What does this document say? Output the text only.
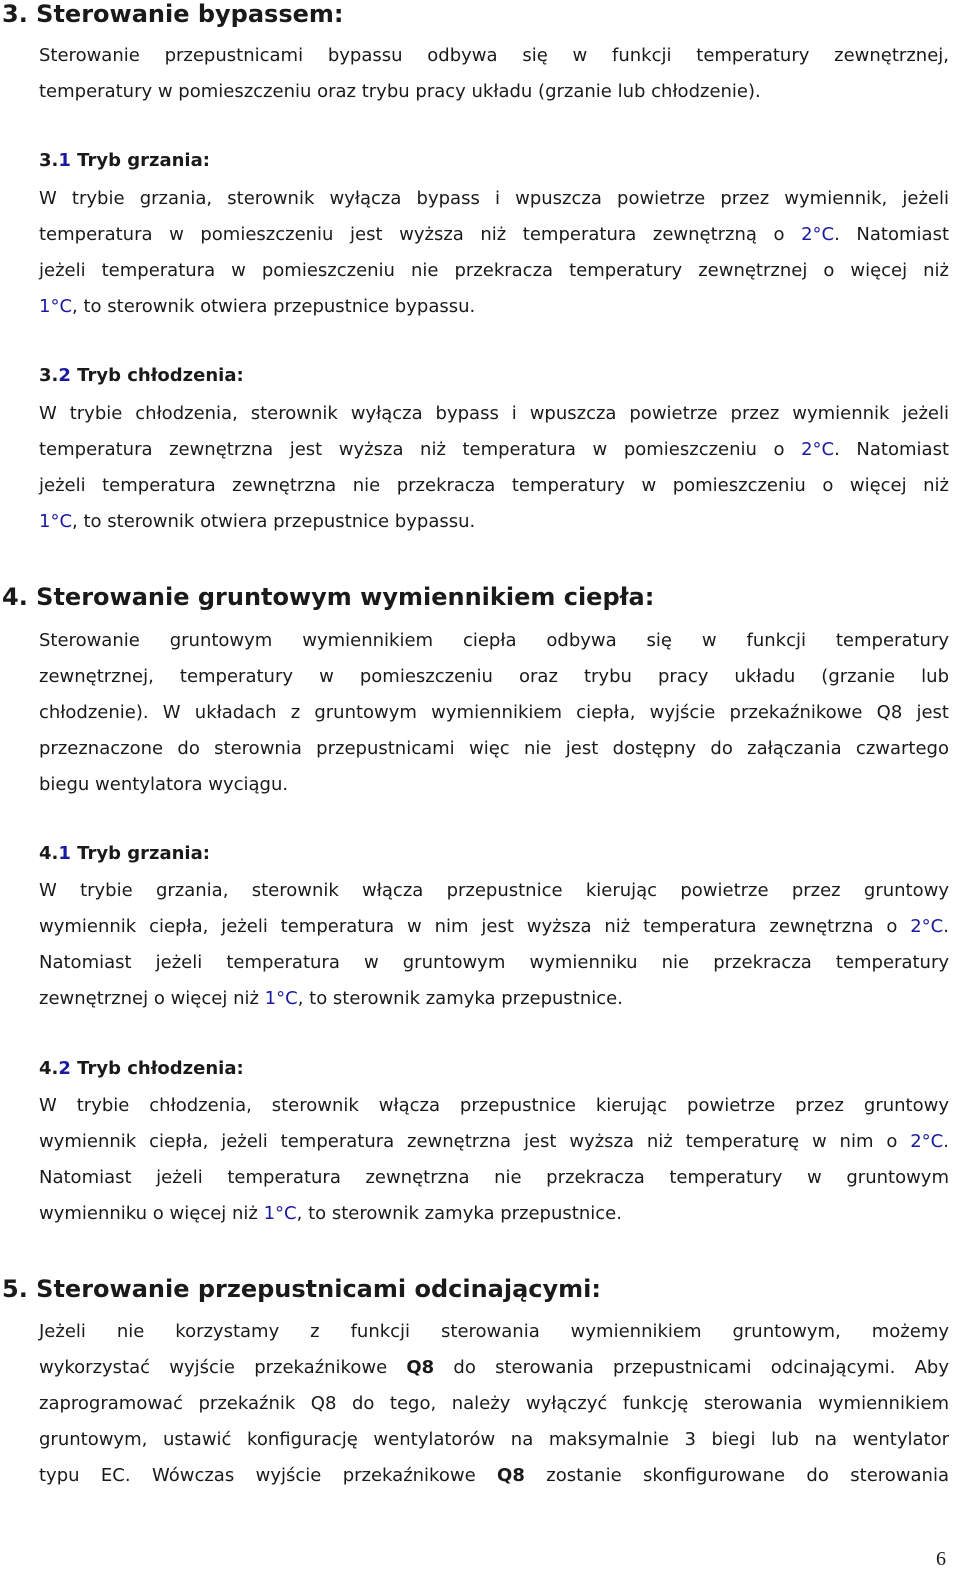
3. Sterowanie bypassem:
Sterowanie przepustnicami bypassu odbywa się w funkcji temperatury zewnętrznej,
temperatury w pomieszczeniu oraz trybu pracy układu (grzanie lub chłodzenie).
3.1 Tryb grzania:
W trybie grzania, sterownik wyłącza bypass i wpuszcza powietrze przez wymiennik, jeżeli
temperatura w pomieszczeniu jest wyższa niż temperatura zewnętrzną o 2°C. Natomiast
jeżeli temperatura w pomieszczeniu nie przekracza temperatury zewnętrznej o więcej niż
1°C, to sterownik otwiera przepustnice bypassu.
3.2 Tryb chłodzenia:
W trybie chłodzenia, sterownik wyłącza bypass i wpuszcza powietrze przez wymiennik jeżeli
temperatura zewnętrzna jest wyższa niż temperatura w pomieszczeniu o 2°C. Natomiast
jeżeli temperatura zewnętrzna nie przekracza temperatury w pomieszczeniu o więcej niż
1°C, to sterownik otwiera przepustnice bypassu.
4. Sterowanie gruntowym wymiennikiem ciepła:
Sterowanie gruntowym wymiennikiem ciepła odbywa się w funkcji temperatury
zewnętrznej, temperatury w pomieszczeniu oraz trybu pracy układu (grzanie lub
chłodzenie). W układach z gruntowym wymiennikiem ciepła, wyjście przekaźnikowe Q8 jest
przeznaczone do sterownia przepustnicami więc nie jest dostępny do załączania czwartego
biegu wentylatora wyciągu.
4.1 Tryb grzania:
W trybie grzania, sterownik włącza przepustnice kierując powietrze przez gruntowy
wymiennik ciepła, jeżeli temperatura w nim jest wyższa niż temperatura zewnętrzna o 2°C.
Natomiast jeżeli temperatura w gruntowym wymienniku nie przekracza temperatury
zewnętrznej o więcej niż 1°C, to sterownik zamyka przepustnice.
4.2 Tryb chłodzenia:
W trybie chłodzenia, sterownik włącza przepustnice kierując powietrze przez gruntowy
wymiennik ciepła, jeżeli temperatura zewnętrzna jest wyższa niż temperaturę w nim o 2°C.
Natomiast jeżeli temperatura zewnętrzna nie przekracza temperatury w gruntowym
wymienniku o więcej niż 1°C, to sterownik zamyka przepustnice.
5. Sterowanie przepustnicami odcinającymi:
Jeżeli nie korzystamy z funkcji sterowania wymiennikiem gruntowym, możemy
wykorzystać wyjście przekaźnikowe Q8 do sterowania przepustnicami odcinającymi. Aby
zaprogramować przekaźnik Q8 do tego, należy wyłączyć funkcję sterowania wymiennikiem
gruntowym, ustawić konfigurację wentylatorów na maksymalnie 3 biegi lub na wentylator
typu EC. Wówczas wyjście przekaźnikowe Q8 zostanie skonfigurowane do sterowania
6
